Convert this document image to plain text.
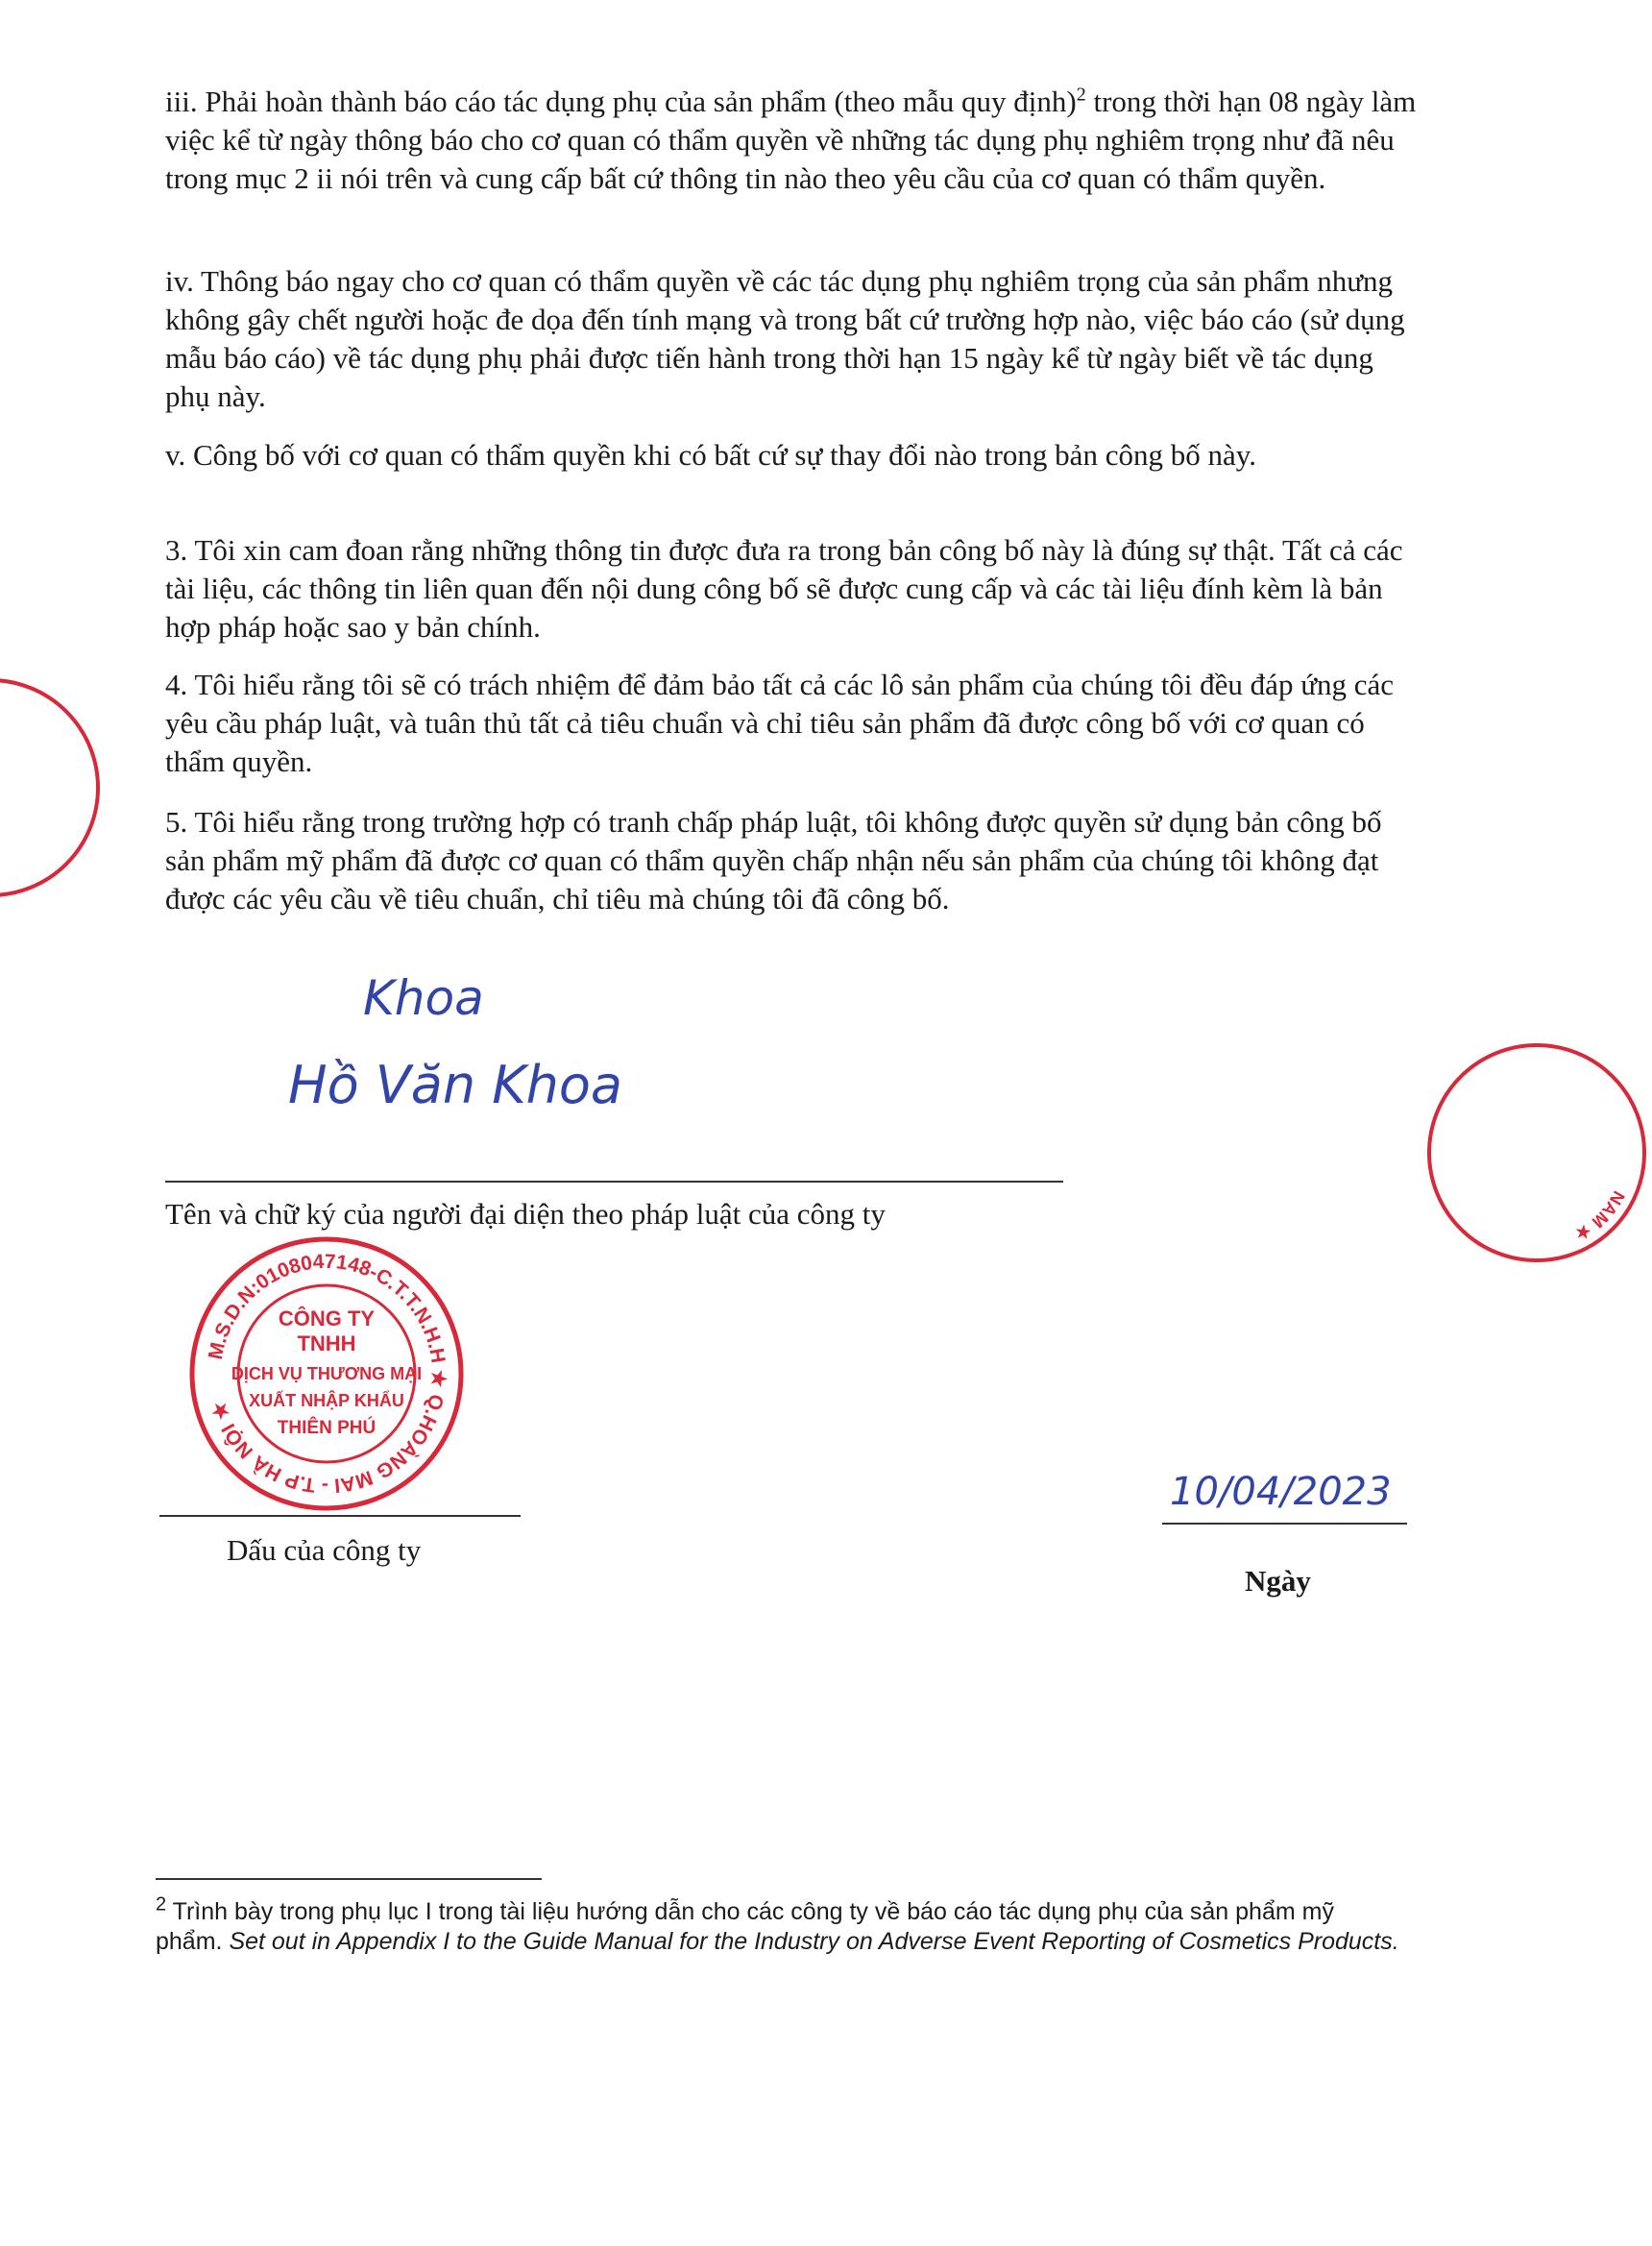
iii. Phải hoàn thành báo cáo tác dụng phụ của sản phẩm (theo mẫu quy định)$^2$ trong thời hạn 08 ngày làm việc kể từ ngày thông báo cho cơ quan có thẩm quyền về những tác dụng phụ nghiêm trọng như đã nêu trong mục 2 ii nói trên và cung cấp bất cứ thông tin nào theo yêu cầu của cơ quan có thẩm quyền.

iv. Thông báo ngay cho cơ quan có thẩm quyền về các tác dụng phụ nghiêm trọng của sản phẩm nhưng không gây chết người hoặc đe dọa đến tính mạng và trong bất cứ trường hợp nào, việc báo cáo (sử dụng mẫu báo cáo) về tác dụng phụ phải được tiến hành trong thời hạn 15 ngày kể từ ngày biết về tác dụng phụ này.

v. Công bố với cơ quan có thẩm quyền khi có bất cứ sự thay đổi nào trong bản công bố này.

3. Tôi xin cam đoan rằng những thông tin được đưa ra trong bản công bố này là đúng sự thật. Tất cả các tài liệu, các thông tin liên quan đến nội dung công bố sẽ được cung cấp và các tài liệu đính kèm là bản hợp pháp hoặc sao y bản chính.

4. Tôi hiểu rằng tôi sẽ có trách nhiệm để đảm bảo tất cả các lô sản phẩm của chúng tôi đều đáp ứng các yêu cầu pháp luật, và tuân thủ tất cả tiêu chuẩn và chỉ tiêu sản phẩm đã được công bố với cơ quan có thẩm quyền.

5. Tôi hiểu rằng trong trường hợp có tranh chấp pháp luật, tôi không được quyền sử dụng bản công bố sản phẩm mỹ phẩm đã được cơ quan có thẩm quyền chấp nhận nếu sản phẩm của chúng tôi không đạt được các yêu cầu về tiêu chuẩn, chỉ tiêu mà chúng tôi đã công bố.

Khoa
Hồ Văn Khoa
Tên và chữ ký của người đại diện theo pháp luật của công ty
M.S.D.N:0108047148-C.T.T.N.H.H ★ Q.HOÀNG MAI - T.P HÀ NỘI ★
CÔNG TY
TNHH
DỊCH VỤ THƯƠNG MẠI
XUẤT NHẬP KHẨU
THIÊN PHÚ
Dấu của công ty
10/04/2023
Ngày
NAM ★

$^2$ Trình bày trong phụ lục I trong tài liệu hướng dẫn cho các công ty về báo cáo tác dụng phụ của sản phẩm mỹ phẩm. Set out in Appendix I to the Guide Manual for the Industry on Adverse Event Reporting of Cosmetics Products.
